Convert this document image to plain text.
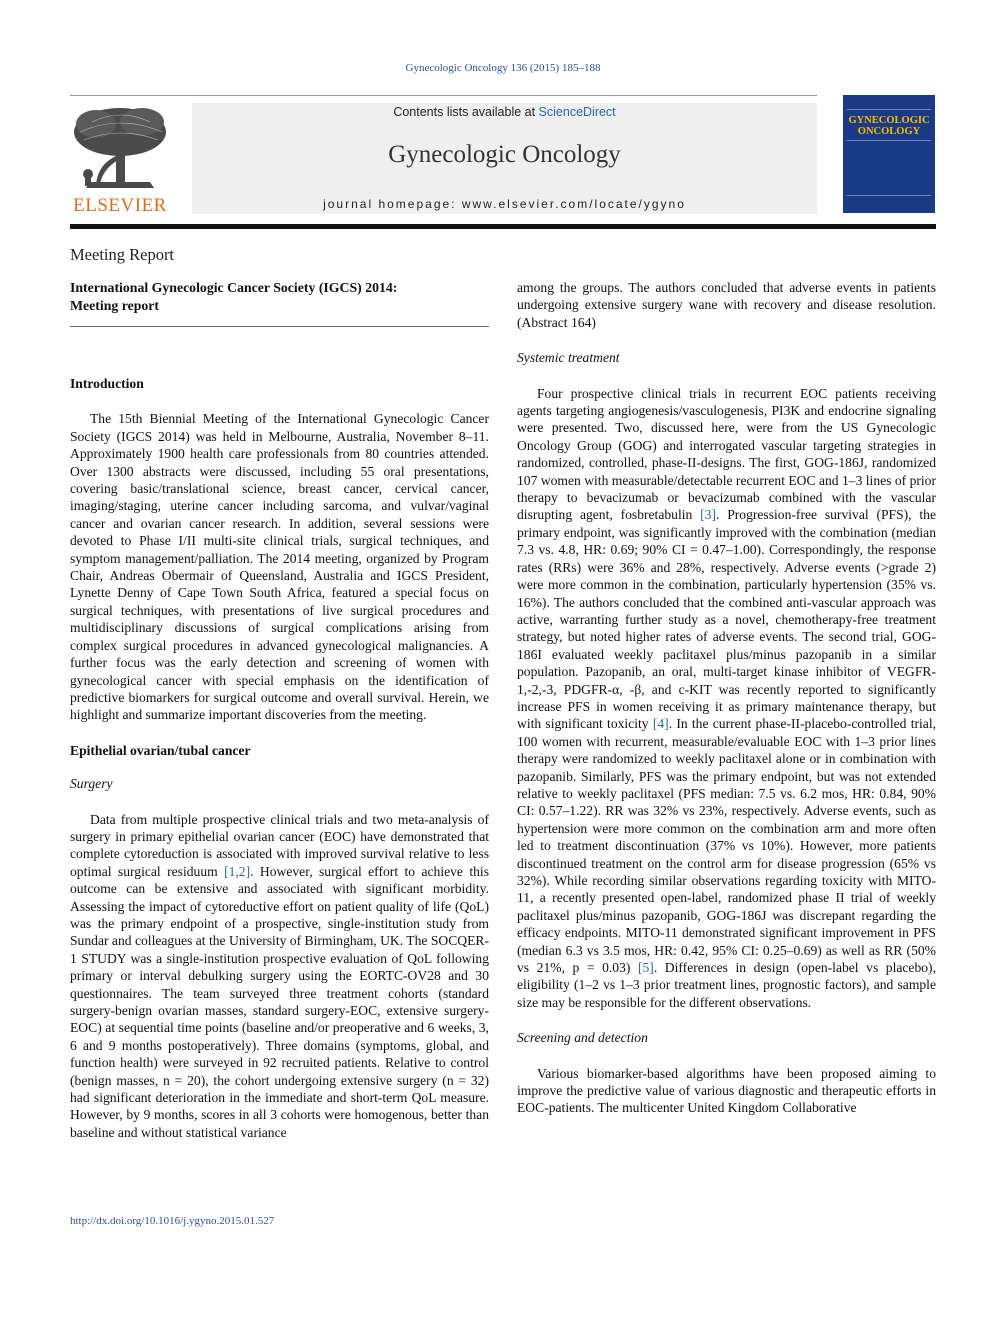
Gynecologic Oncology 136 (2015) 185–188
ELSEVIER
Contents lists available at ScienceDirect
Gynecologic Oncology
journal homepage: www.elsevier.com/locate/ygyno
GYNECOLOGIC
ONCOLOGY
Meeting Report
International Gynecologic Cancer Society (IGCS) 2014:
Meeting report
Introduction

The 15th Biennial Meeting of the International Gynecologic Cancer Society (IGCS 2014) was held in Melbourne, Australia, November 8–11. Approximately 1900 health care professionals from 80 countries attended. Over 1300 abstracts were discussed, including 55 oral presentations, covering basic/translational science, breast cancer, cervical cancer, imaging/staging, uterine cancer including sarcoma, and vulvar/vaginal cancer and ovarian cancer research. In addition, several sessions were devoted to Phase I/II multi-site clinical trials, surgical techniques, and symptom management/palliation. The 2014 meeting, organized by Program Chair, Andreas Obermair of Queensland, Australia and IGCS President, Lynette Denny of Cape Town South Africa, featured a special focus on surgical techniques, with presentations of live surgical procedures and multidisciplinary discussions of surgical complications arising from complex surgical procedures in advanced gynecological malignancies. A further focus was the early detection and screening of women with gynecological cancer with special emphasis on the identification of predictive biomarkers for surgical outcome and overall survival. Herein, we highlight and summarize important discoveries from the meeting.

Epithelial ovarian/tubal cancer
Surgery

Data from multiple prospective clinical trials and two meta-analysis of surgery in primary epithelial ovarian cancer (EOC) have demonstrated that complete cytoreduction is associated with improved survival relative to less optimal surgical residuum [1,2]. However, surgical effort to achieve this outcome can be extensive and associated with significant morbidity. Assessing the impact of cytoreductive effort on patient quality of life (QoL) was the primary endpoint of a prospective, single-institution study from Sundar and colleagues at the University of Birmingham, UK. The SOCQER-1 STUDY was a single-institution prospective evaluation of QoL following primary or interval debulking surgery using the EORTC-OV28 and 30 questionnaires. The team surveyed three treatment cohorts (standard surgery-benign ovarian masses, standard surgery-EOC, extensive surgery-EOC) at sequential time points (baseline and/or preoperative and 6 weeks, 3, 6 and 9 months postoperatively). Three domains (symptoms, global, and function health) were surveyed in 92 recruited patients. Relative to control (benign masses, n = 20), the cohort undergoing extensive surgery (n = 32) had significant deterioration in the immediate and short-term QoL measure. However, by 9 months, scores in all 3 cohorts were homogenous, better than baseline and without statistical variance

http://dx.doi.org/10.1016/j.ygyno.2015.01.527

among the groups. The authors concluded that adverse events in patients undergoing extensive surgery wane with recovery and disease resolution. (Abstract 164)

Systemic treatment

Four prospective clinical trials in recurrent EOC patients receiving agents targeting angiogenesis/vasculogenesis, PI3K and endocrine signaling were presented. Two, discussed here, were from the US Gynecologic Oncology Group (GOG) and interrogated vascular targeting strategies in randomized, controlled, phase-II-designs. The first, GOG-186J, randomized 107 women with measurable/detectable recurrent EOC and 1–3 lines of prior therapy to bevacizumab or bevacizumab combined with the vascular disrupting agent, fosbretabulin [3]. Progression-free survival (PFS), the primary endpoint, was significantly improved with the combination (median 7.3 vs. 4.8, HR: 0.69; 90% CI = 0.47–1.00). Correspondingly, the response rates (RRs) were 36% and 28%, respectively. Adverse events (>grade 2) were more common in the combination, particularly hypertension (35% vs. 16%). The authors concluded that the combined anti-vascular approach was active, warranting further study as a novel, chemotherapy-free treatment strategy, but noted higher rates of adverse events. The second trial, GOG-186I evaluated weekly paclitaxel plus/minus pazopanib in a similar population. Pazopanib, an oral, multi-target kinase inhibitor of VEGFR-1,-2,-3, PDGFR-α, -β, and c-KIT was recently reported to significantly increase PFS in women receiving it as primary maintenance therapy, but with significant toxicity [4]. In the current phase-II-placebo-controlled trial, 100 women with recurrent, measurable/evaluable EOC with 1–3 prior lines therapy were randomized to weekly paclitaxel alone or in combination with pazopanib. Similarly, PFS was the primary endpoint, but was not extended relative to weekly paclitaxel (PFS median: 7.5 vs. 6.2 mos, HR: 0.84, 90% CI: 0.57–1.22). RR was 32% vs 23%, respectively. Adverse events, such as hypertension were more common on the combination arm and more often led to treatment discontinuation (37% vs 10%). However, more patients discontinued treatment on the control arm for disease progression (65% vs 32%). While recording similar observations regarding toxicity with MITO-11, a recently presented open-label, randomized phase II trial of weekly paclitaxel plus/minus pazopanib, GOG-186J was discrepant regarding the efficacy endpoints. MITO-11 demonstrated significant improvement in PFS (median 6.3 vs 3.5 mos, HR: 0.42, 95% CI: 0.25–0.69) as well as RR (50% vs 21%, p = 0.03) [5]. Differences in design (open-label vs placebo), eligibility (1–2 vs 1–3 prior treatment lines, prognostic factors), and sample size may be responsible for the different observations.

Screening and detection

Various biomarker-based algorithms have been proposed aiming to improve the predictive value of various diagnostic and therapeutic efforts in EOC-patients. The multicenter United Kingdom Collaborative
